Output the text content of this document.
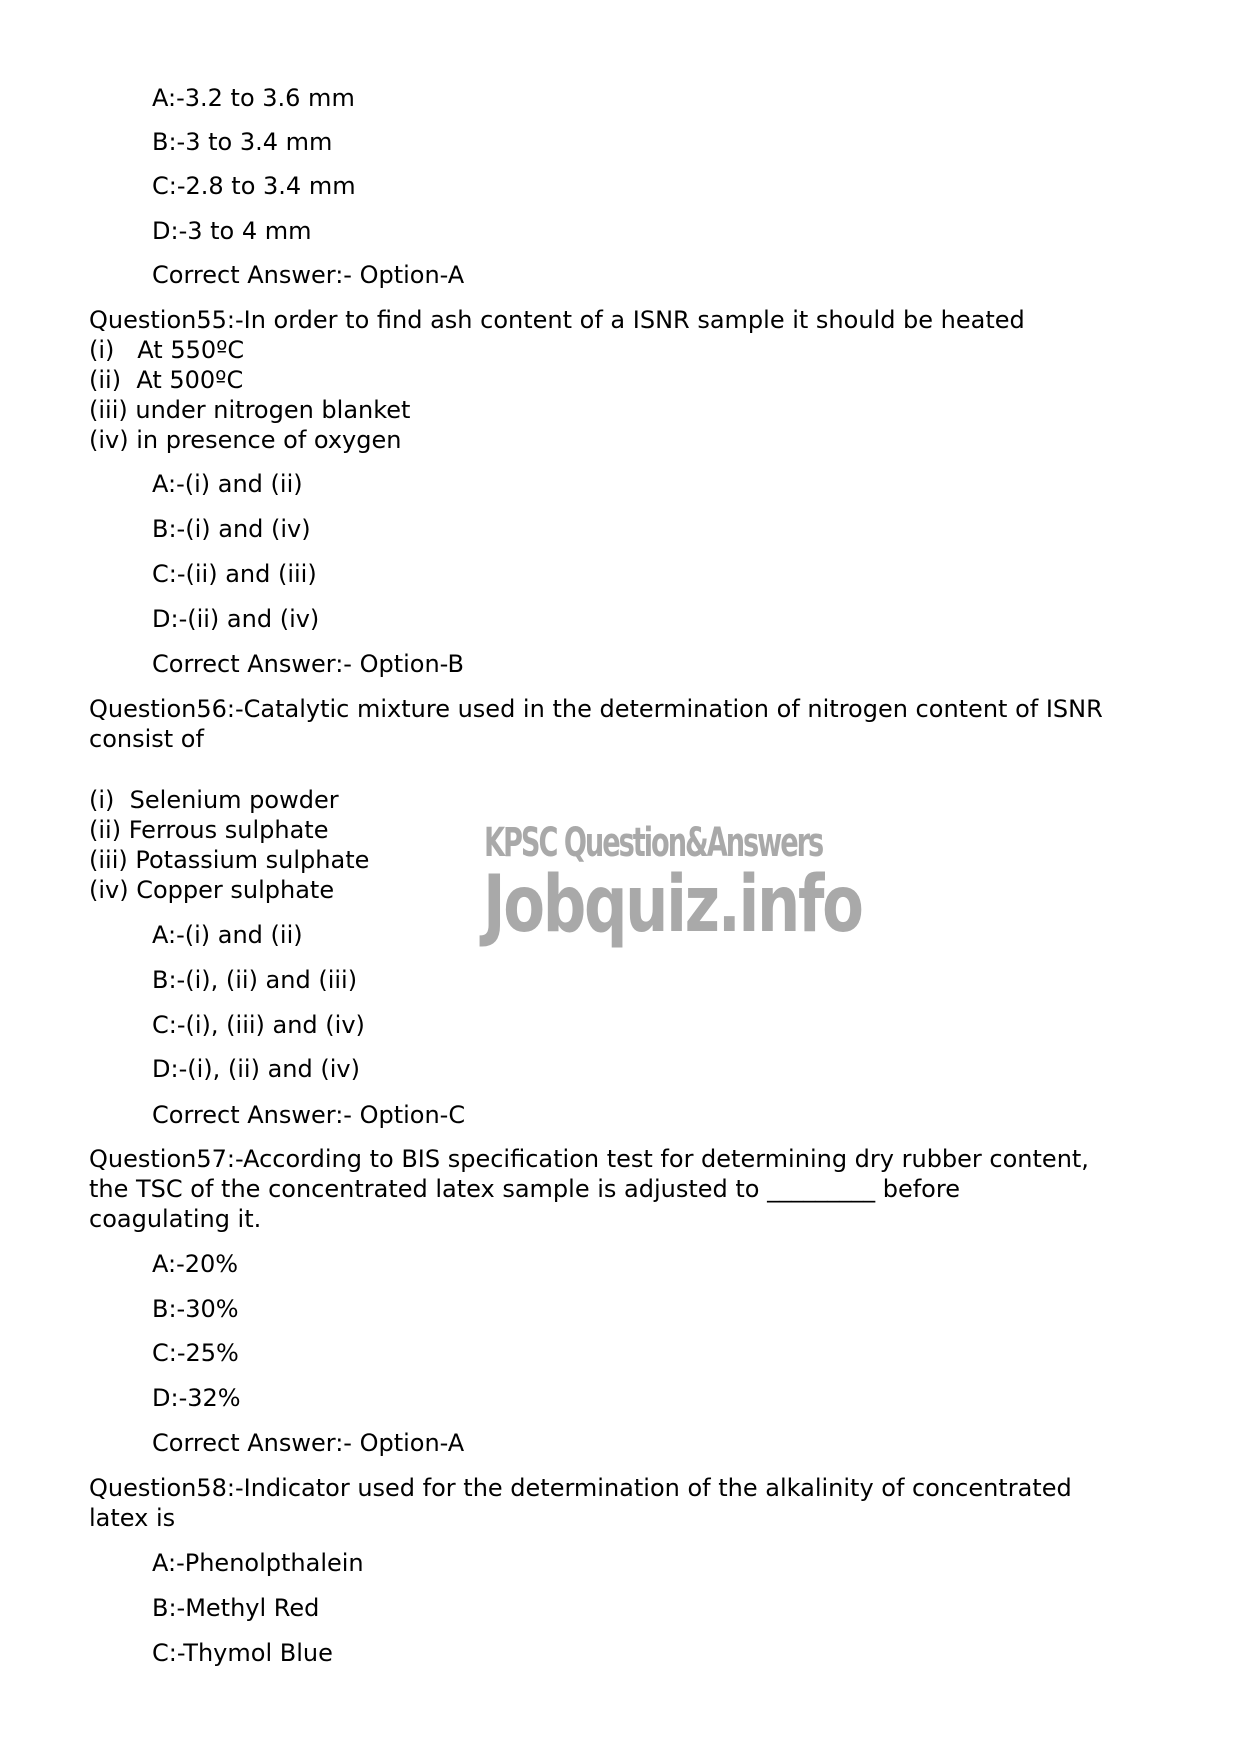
A:-3.2 to 3.6 mm
B:-3 to 3.4 mm
C:-2.8 to 3.4 mm
D:-3 to 4 mm
Correct Answer:- Option-A
Question55:-In order to find ash content of a ISNR sample it should be heated
(i)   At 550ºC
(ii)  At 500ºC
(iii) under nitrogen blanket
(iv) in presence of oxygen
A:-(i) and (ii)
B:-(i) and (iv)
C:-(ii) and (iii)
D:-(ii) and (iv)
Correct Answer:- Option-B
Question56:-Catalytic mixture used in the determination of nitrogen content of ISNR
consist of
(i)  Selenium powder
(ii) Ferrous sulphate
(iii) Potassium sulphate
(iv) Copper sulphate
A:-(i) and (ii)
B:-(i), (ii) and (iii)
C:-(i), (iii) and (iv)
D:-(i), (ii) and (iv)
Correct Answer:- Option-C
Question57:-According to BIS specification test for determining dry rubber content,
the TSC of the concentrated latex sample is adjusted to _________ before
coagulating it.
A:-20%
B:-30%
C:-25%
D:-32%
Correct Answer:- Option-A
Question58:-Indicator used for the determination of the alkalinity of concentrated
latex is
A:-Phenolpthalein
B:-Methyl Red
C:-Thymol Blue
KPSC Question&Answers
Jobquiz.info
